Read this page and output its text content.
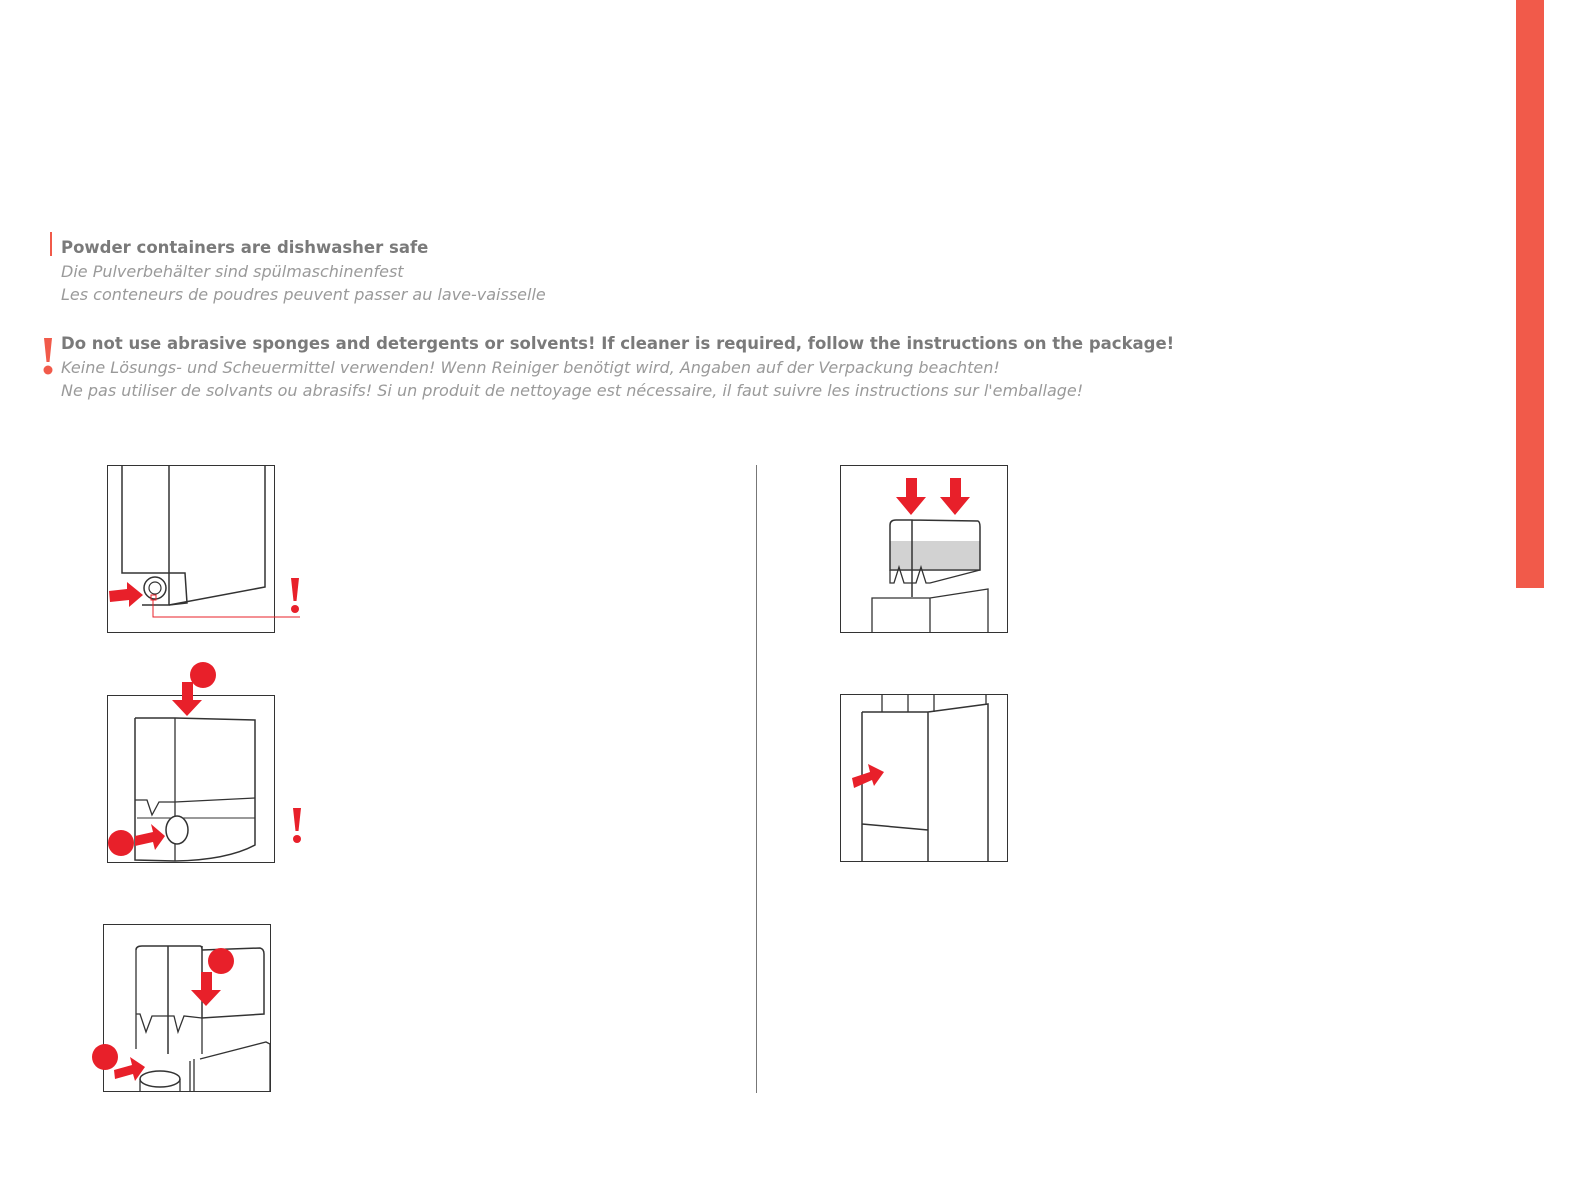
Powder containers are dishwasher safe
Die Pulverbehälter sind spülmaschinenfest
Les conteneurs de poudres peuvent passer au lave-vaisselle
Do not use abrasive sponges and detergents or solvents! If cleaner is required, follow the instructions on the package!
Keine Lösungs- und Scheuermittel verwenden! Wenn Reiniger benötigt wird, Angaben auf der Verpackung beachten!
Ne pas utiliser de solvants ou abrasifs! Si un produit de nettoyage est nécessaire, il faut suivre les instructions sur l'emballage!
